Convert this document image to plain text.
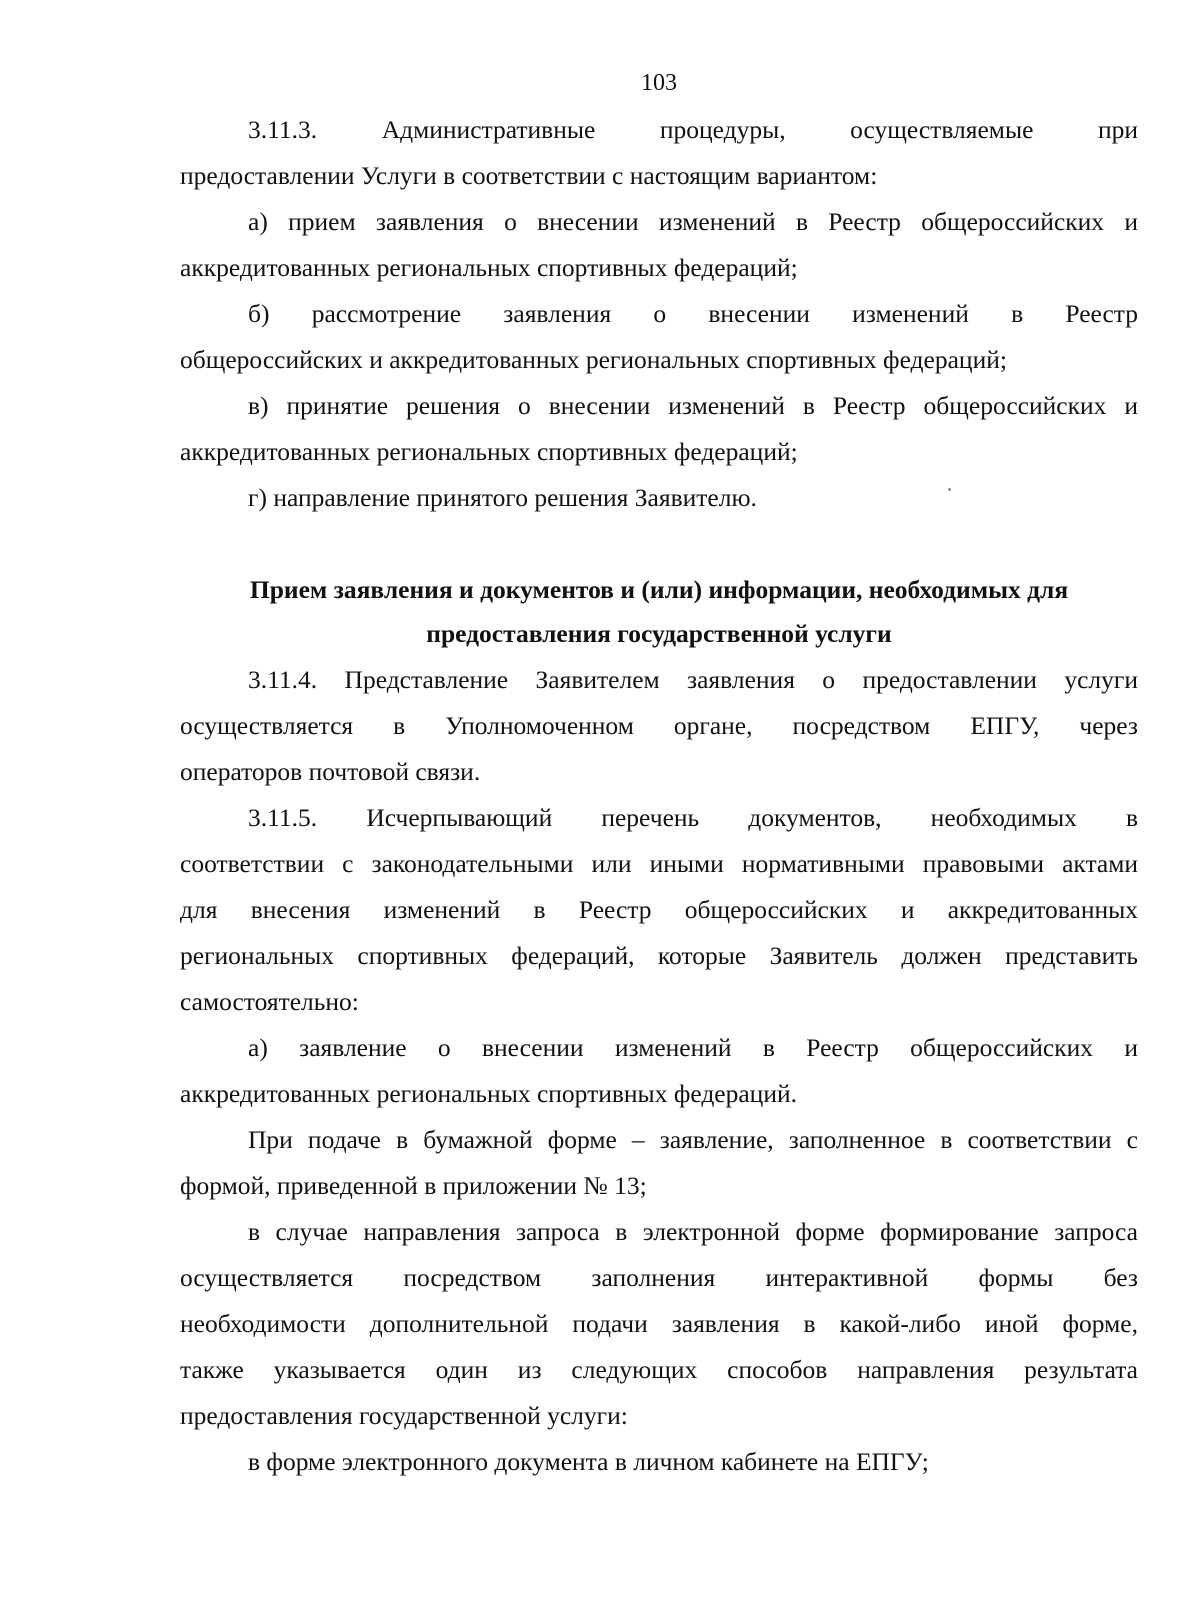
103
3.11.3. Административные процедуры, осуществляемые при
предоставлении Услуги в соответствии с настоящим вариантом:
а) прием заявления о внесении изменений в Реестр общероссийских и
аккредитованных региональных спортивных федераций;
б) рассмотрение заявления о внесении изменений в Реестр
общероссийских и аккредитованных региональных спортивных федераций;
в) принятие решения о внесении изменений в Реестр общероссийских и
аккредитованных региональных спортивных федераций;
г) направление принятого решения Заявителю.
3.11.4. Представление Заявителем заявления о предоставлении услуги
осуществляется в Уполномоченном органе, посредством ЕПГУ, через
операторов почтовой связи.
3.11.5. Исчерпывающий перечень документов, необходимых в
соответствии с законодательными или иными нормативными правовыми актами
для внесения изменений в Реестр общероссийских и аккредитованных
региональных спортивных федераций, которые Заявитель должен представить
самостоятельно:
а) заявление о внесении изменений в Реестр общероссийских и
аккредитованных региональных спортивных федераций.
При подаче в бумажной форме – заявление, заполненное в соответствии с
формой, приведенной в приложении № 13;
в случае направления запроса в электронной форме формирование запроса
осуществляется посредством заполнения интерактивной формы без
необходимости дополнительной подачи заявления в какой-либо иной форме,
также указывается один из следующих способов направления результата
предоставления государственной услуги:
в форме электронного документа в личном кабинете на ЕПГУ;
Прием заявления и документов и (или) информации, необходимых для
предоставления государственной услуги
